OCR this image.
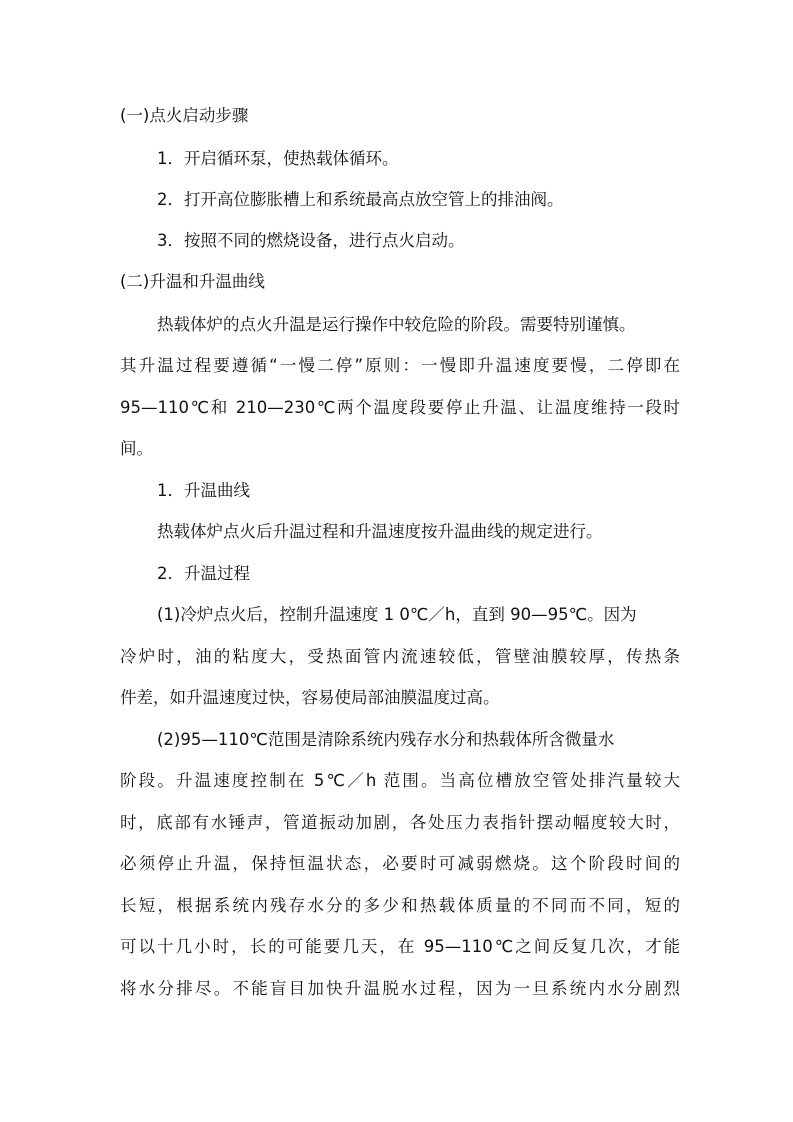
(一)点火启动步骤
1．开启循环泵，使热载体循环。
2．打开高位膨胀槽上和系统最高点放空管上的排油阀。
3．按照不同的燃烧设备，进行点火启动。
(二)升温和升温曲线
热载体炉的点火升温是运行操作中较危险的阶段。需要特别谨慎。
其升温过程要遵循“一慢二停”原则：一慢即升温速度要慢，二停即在
95—110℃和 210—230℃两个温度段要停止升温、让温度维持一段时
间。
1．升温曲线
热载体炉点火后升温过程和升温速度按升温曲线的规定进行。
2．升温过程
(1)冷炉点火后，控制升温速度 1 0℃／h，直到 90—95℃。因为
冷炉时，油的粘度大，受热面管内流速较低，管壁油膜较厚，传热条
件差，如升温速度过快，容易使局部油膜温度过高。
(2)95—110℃范围是清除系统内残存水分和热载体所含微量水
阶段。升温速度控制在 5℃／h 范围。当高位槽放空管处排汽量较大
时，底部有水锤声，管道振动加剧，各处压力表指针摆动幅度较大时，
必须停止升温，保持恒温状态，必要时可减弱燃烧。这个阶段时间的
长短，根据系统内残存水分的多少和热载体质量的不同而不同，短的
可以十几小时，长的可能要几天，在 95—110℃之间反复几次，才能
将水分排尽。不能盲目加快升温脱水过程，因为一旦系统内水分剧烈
